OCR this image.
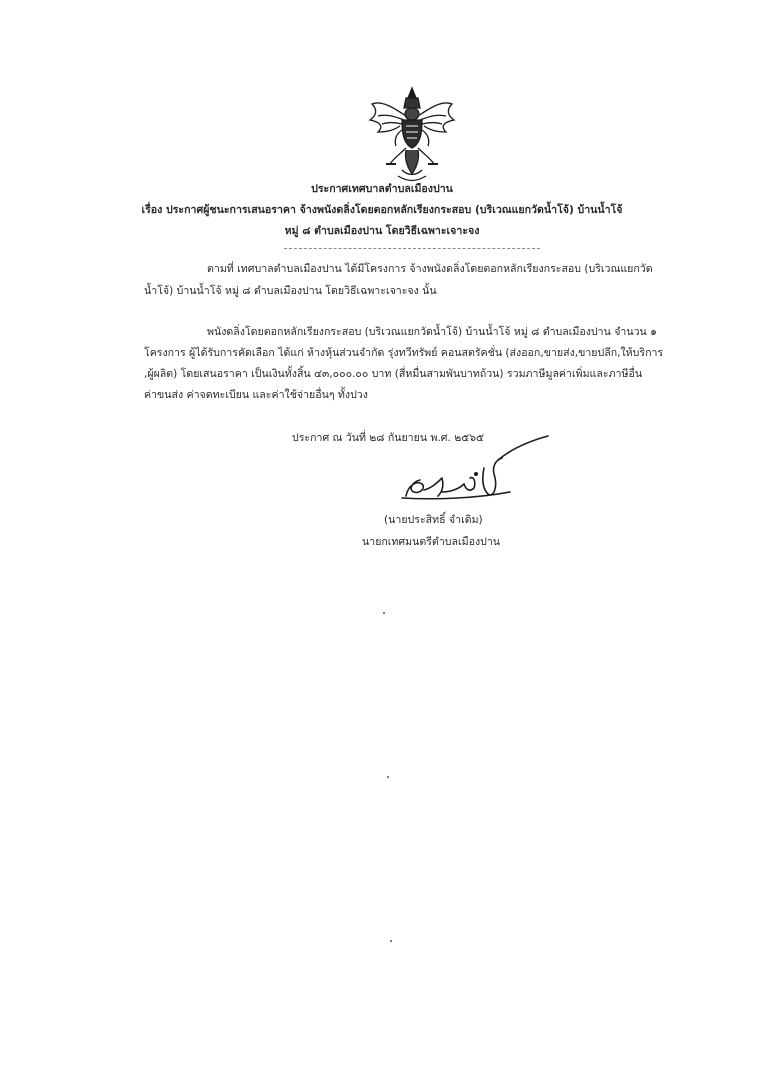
ประกาศเทศบาลตำบลเมืองปาน
เรื่อง ประกาศผู้ชนะการเสนอราคา จ้างพนังดลิ่งโดยตอกหลักเรียงกระสอบ (บริเวณแยกวัดน้ำโจ้) บ้านน้ำโจ้
หมู่ ๘ ตำบลเมืองปาน โดยวิธีเฉพาะเจาะจง
ตามที่ เทศบาลตำบลเมืองปาน ได้มีโครงการ จ้างพนังดลิ่งโดยตอกหลักเรียงกระสอบ (บริเวณแยกวัด
น้ำโจ้) บ้านน้ำโจ้ หมู่ ๘ ตำบลเมืองปาน โดยวิธีเฉพาะเจาะจง นั้น
พนังดลิ่งโดยตอกหลักเรียงกระสอบ (บริเวณแยกวัดน้ำโจ้) บ้านน้ำโจ้ หมู่ ๘ ตำบลเมืองปาน จำนวน ๑
โครงการ ผู้ได้รับการคัดเลือก ได้แก่ ห้างหุ้นส่วนจำกัด รุ่งทวีทรัพย์ คอนสตรัคชั่น (ส่งออก,ขายส่ง,ขายปลีก,ให้บริการ
,ผู้ผลิต) โดยเสนอราคา เป็นเงินทั้งสิ้น ๔๓,๐๐๐.๐๐ บาท (สี่หมื่นสามพันบาทถ้วน) รวมภาษีมูลค่าเพิ่มและภาษีอื่น
ค่าขนส่ง ค่าจดทะเบียน และค่าใช้จ่ายอื่นๆ ทั้งปวง
ประกาศ ณ วันที่ ๒๘ กันยายน พ.ศ. ๒๕๖๕
(นายประสิทธิ์ จำเดิม)
นายกเทศมนตรีตำบลเมืองปาน
